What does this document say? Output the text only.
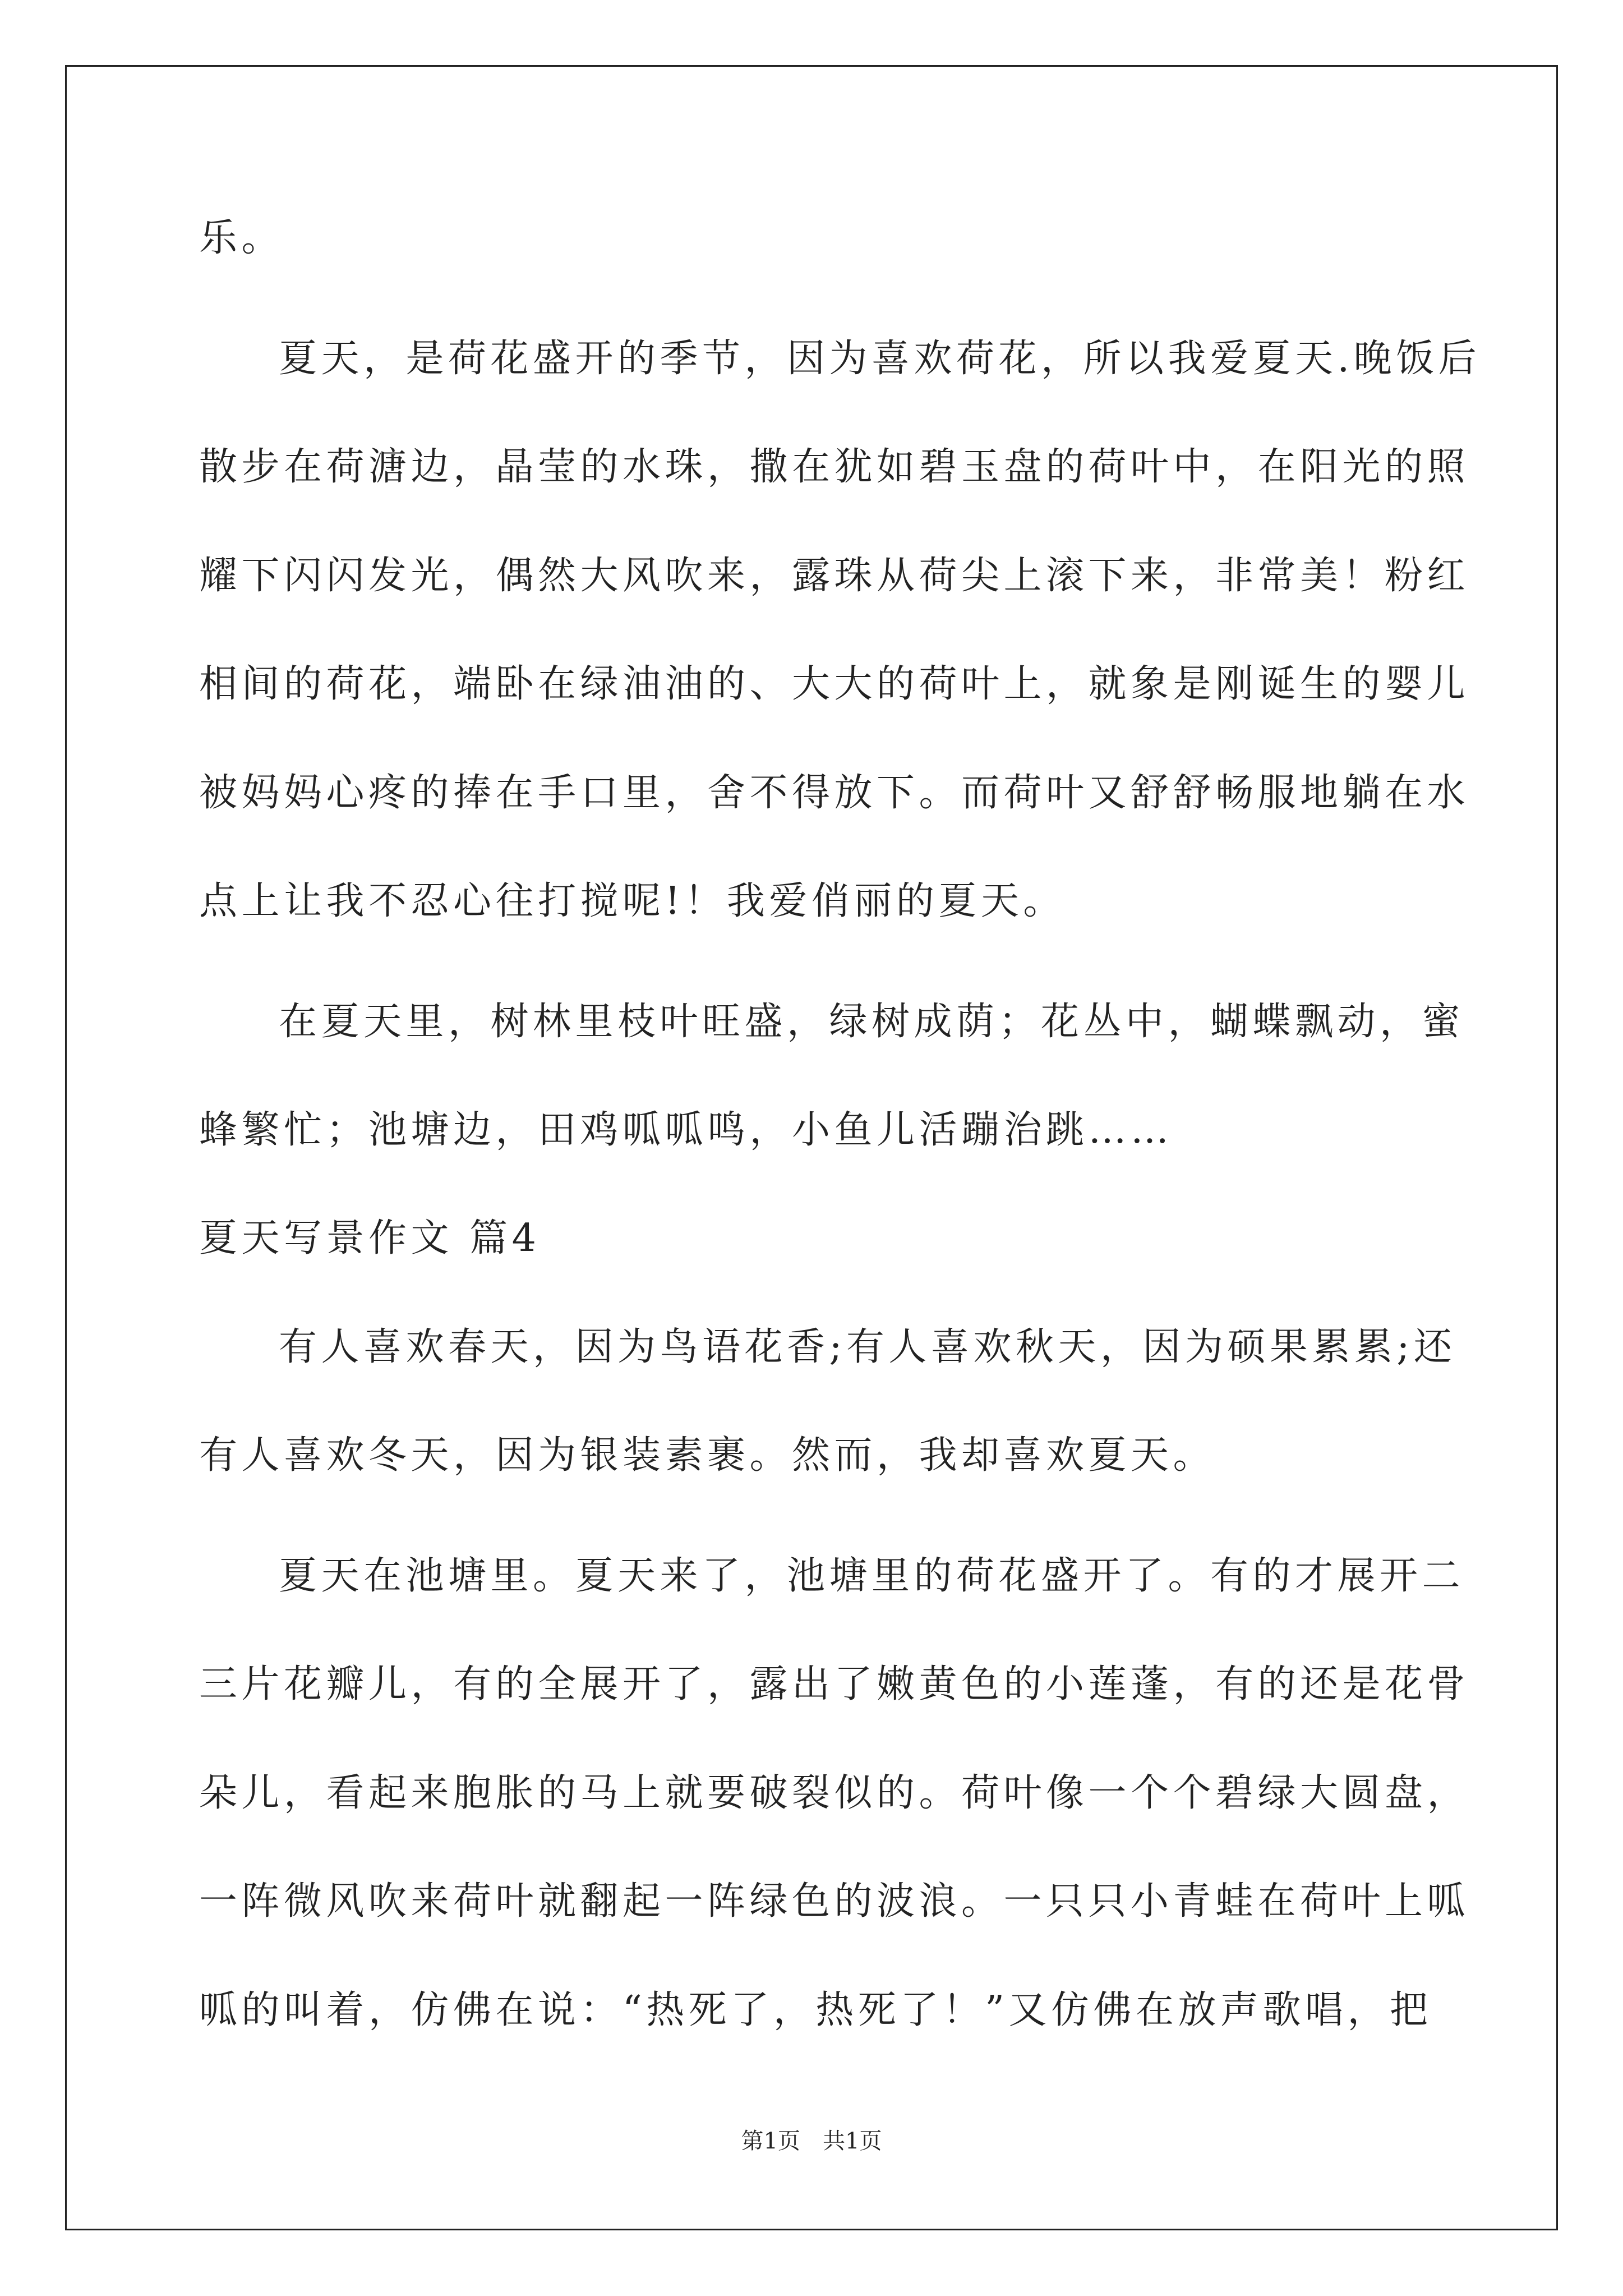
乐。
夏天，是荷花盛开的季节，因为喜欢荷花，所以我爱夏天.晚饭后
散步在荷溏边，晶莹的水珠，撒在犹如碧玉盘的荷叶中，在阳光的照
耀下闪闪发光，偶然大风吹来，露珠从荷尖上滚下来，非常美！粉红
相间的荷花，端卧在绿油油的、大大的荷叶上，就象是刚诞生的婴儿
被妈妈心疼的捧在手口里，舍不得放下。而荷叶又舒舒畅服地躺在水
点上让我不忍心往打搅呢!！我爱俏丽的夏天。
在夏天里，树林里枝叶旺盛，绿树成荫；花丛中，蝴蝶飘动，蜜
蜂繁忙；池塘边，田鸡呱呱鸣，小鱼儿活蹦治跳……
夏天写景作文 篇4
有人喜欢春天，因为鸟语花香;有人喜欢秋天，因为硕果累累;还
有人喜欢冬天，因为银装素裹。然而，我却喜欢夏天。
夏天在池塘里。夏天来了，池塘里的荷花盛开了。有的才展开二
三片花瓣儿，有的全展开了，露出了嫩黄色的小莲蓬，有的还是花骨
朵儿，看起来胞胀的马上就要破裂似的。荷叶像一个个碧绿大圆盘，
一阵微风吹来荷叶就翻起一阵绿色的波浪。一只只小青蛙在荷叶上呱
呱的叫着，仿佛在说：“热死了，热死了！”又仿佛在放声歌唱，把
第1页　共1页
